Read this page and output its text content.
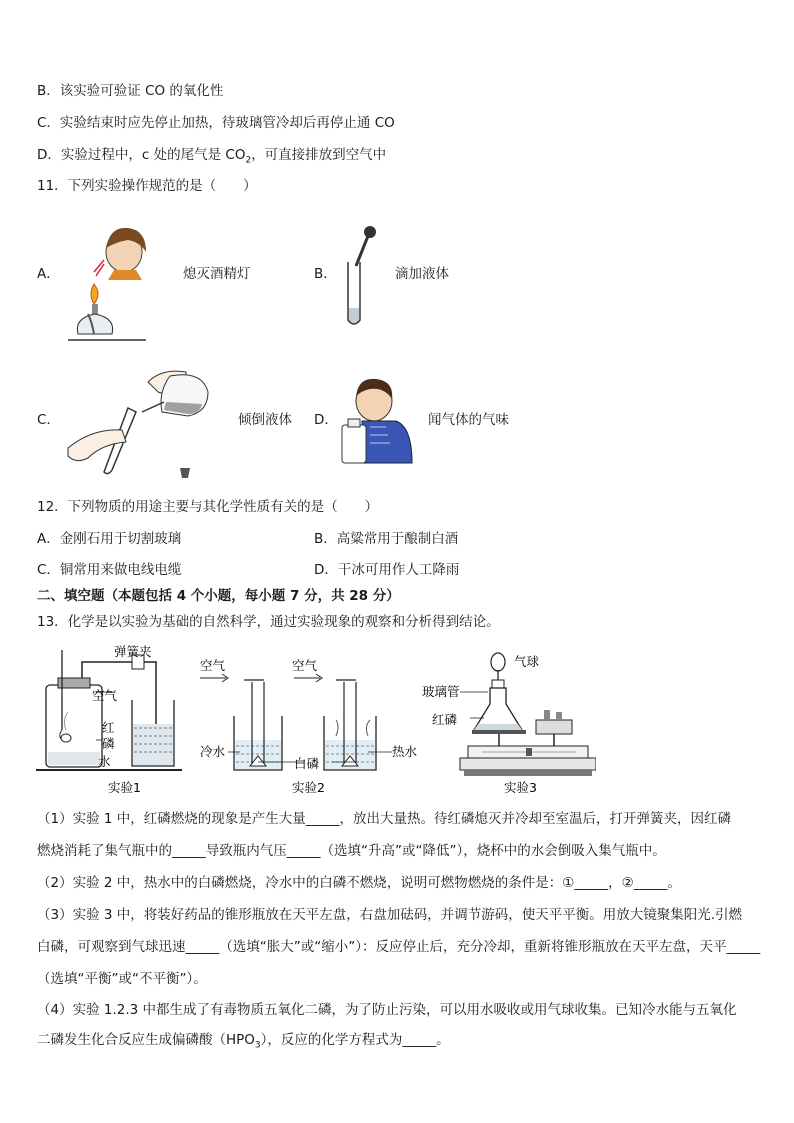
B．该实验可验证 CO 的氧化性
C．实验结束时应先停止加热，待玻璃管冷却后再停止通 CO
D．实验过程中，c 处的尾气是 $CO_2$，可直接排放到空气中
11．下列实验操作规范的是（　　）
A．	熄灭酒精灯	B．	滴加液体
C．	倾倒液体 D．	闻气体的气味
12．下列物质的用途主要与其化学性质有关的是（　　）
A．金刚石用于切割玻璃	B．高粱常用于酿制白酒
C．铜常用来做电线电缆	D．干冰可用作人工降雨
二、填空题（本题包括 4 个小题，每小题 7 分，共 28 分）
13．化学是以实验为基础的自然科学，通过实验现象的观察和分析得到结论。
弹簧夹
空气
红
磷
水
实验1
空气	空气
冷水
白磷
热水
实验2
气球
玻璃管
红磷
实验3
（1）实验 1 中，红磷燃烧的现象是产生大量_____，放出大量热。待红磷熄灭并冷却至室温后，打开弹簧夹，因红磷
燃烧消耗了集气瓶中的_____导致瓶内气压_____（选填“升高”或“降低”），烧杯中的水会倒吸入集气瓶中。
（2）实验 2 中，热水中的白磷燃烧，冷水中的白磷不燃烧，说明可燃物燃烧的条件是：①_____，②_____。
（3）实验 3 中，将装好药品的锥形瓶放在天平左盘，右盘加砝码，并调节游码，使天平平衡。用放大镜聚集阳光.引燃
白磷，可观察到气球迅速_____（选填“胀大”或“缩小”）：反应停止后，充分冷却，重新将锥形瓶放在天平左盘，天平_____
（选填“平衡”或“不平衡”）。
（4）实验 1.2.3 中都生成了有毒物质五氧化二磷，为了防止污染，可以用水吸收或用气球收集。已知冷水能与五氧化
二磷发生化合反应生成偏磷酸$(HPO_3)$，反应的化学方程式为_____。
